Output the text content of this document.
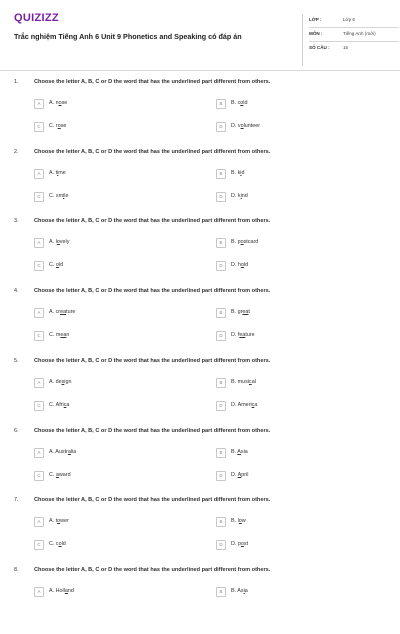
QUIZIZZ
Trắc nghiệm Tiếng Anh 6 Unit 9 Phonetics and Speaking có đáp án
LỚP :	Lớp 6
MÔN :	Tiếng Anh (mới)
SỐ CÂU :	15
1.	Choose the letter A, B, C or D the word that has the underlined part different from others.
A	A. nose	B	B. cold
C	C. rose	D	D. volunteer
2.	Choose the letter A, B, C or D the word that has the underlined part different from others.
A	A. time	B	B. kid
C	C. smile	D	D. kind
3.	Choose the letter A, B, C or D the word that has the underlined part different from others.
A	A. lovely	B	B. postcard
C	C. old	D	D. hold
4.	Choose the letter A, B, C or D the word that has the underlined part different from others.
A	A. creature	B	B. great
C	C. mean	D	D. feature
5.	Choose the letter A, B, C or D the word that has the underlined part different from others.
A	A. design	B	B. musical
C	C. Africa	D	D. America
6.	Choose the letter A, B, C or D the word that has the underlined part different from others.
A	A. Australia	B	B. Asia
C	C. award	D	D. April
7.	Choose the letter A, B, C or D the word that has the underlined part different from others.
A	A. tower	B	B. low
C	C. cold	D	D. post
8.	Choose the letter A, B, C or D the word that has the underlined part different from others.
A	A. Holland	B	B. Asia
